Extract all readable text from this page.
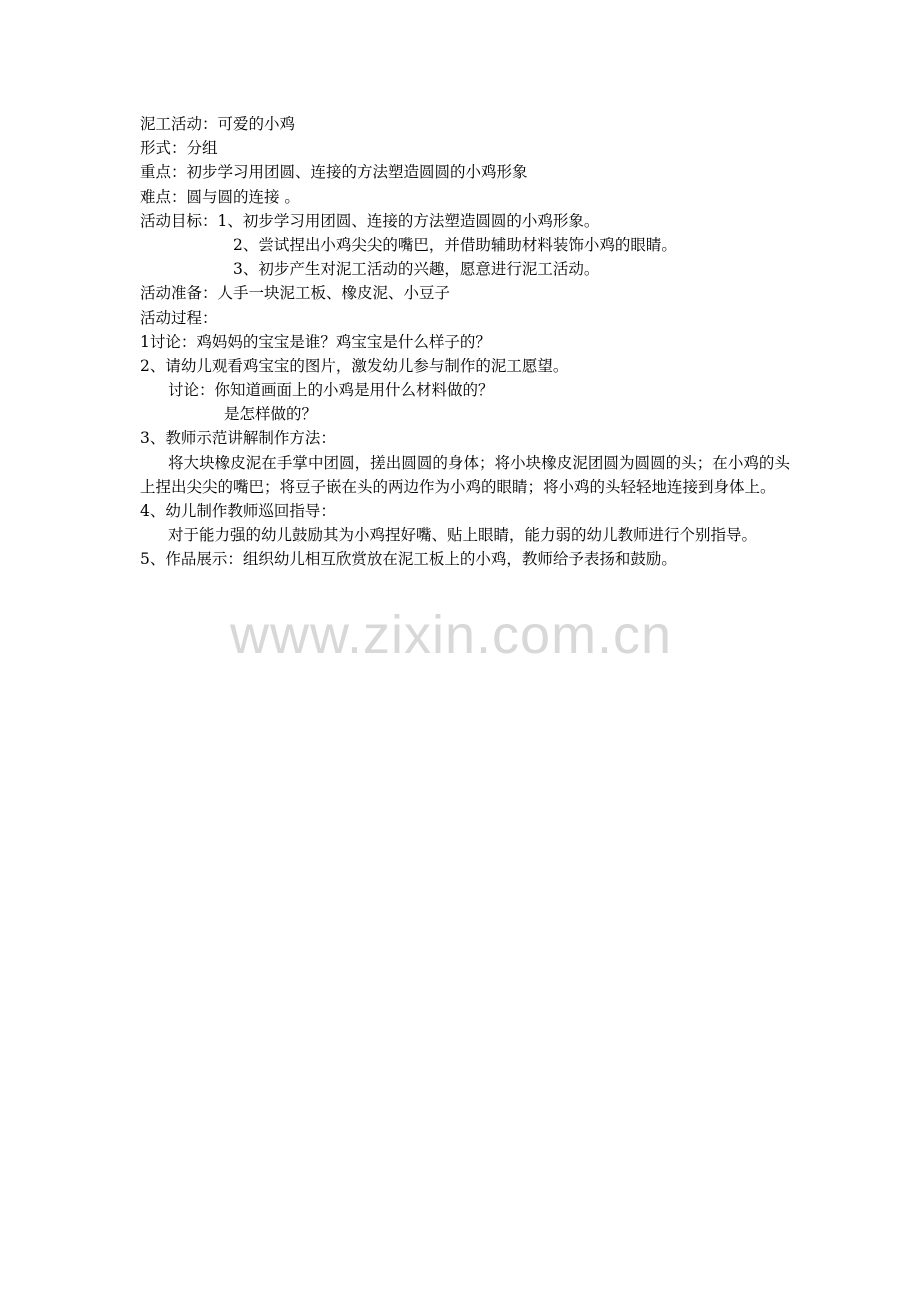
泥工活动：可爱的小鸡
形式：分组
重点：初步学习用团圆、连接的方法塑造圆圆的小鸡形象
难点：圆与圆的连接 。
活动目标：1、初步学习用团圆、连接的方法塑造圆圆的小鸡形象。
2、尝试捏出小鸡尖尖的嘴巴，并借助辅助材料装饰小鸡的眼睛。
3、初步产生对泥工活动的兴趣，愿意进行泥工活动。
活动准备：人手一块泥工板、橡皮泥、小豆子
活动过程：
1讨论：鸡妈妈的宝宝是谁？鸡宝宝是什么样子的？
2、请幼儿观看鸡宝宝的图片，激发幼儿参与制作的泥工愿望。
讨论：你知道画面上的小鸡是用什么材料做的？
是怎样做的？
3、教师示范讲解制作方法：
将大块橡皮泥在手掌中团圆，搓出圆圆的身体；将小块橡皮泥团圆为圆圆的头；在小鸡的头上捏出尖尖的嘴巴；将豆子嵌在头的两边作为小鸡的眼睛；将小鸡的头轻轻地连接到身体上。
4、幼儿制作教师巡回指导：
对于能力强的幼儿鼓励其为小鸡捏好嘴、贴上眼睛，能力弱的幼儿教师进行个别指导。
5、作品展示：组织幼儿相互欣赏放在泥工板上的小鸡，教师给予表扬和鼓励。
www.zixin.com.cn
